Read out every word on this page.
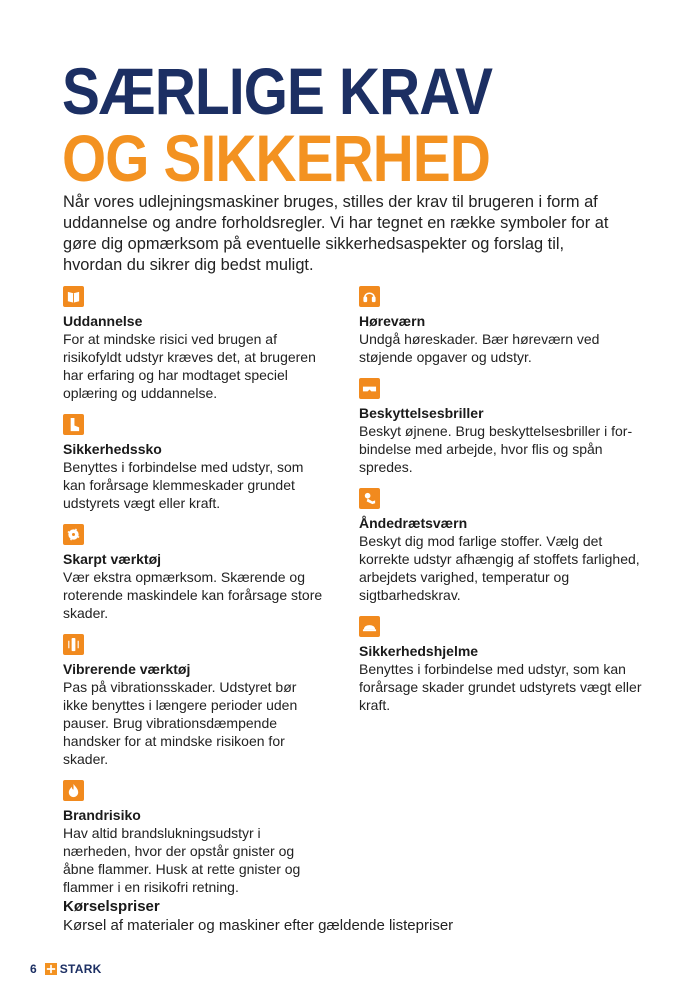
SÆRLIGE KRAV
OG SIKKERHED

Når vores udlejningsmaskiner bruges, stilles der krav til brugeren i form af uddannelse og andre forholdsregler. Vi har tegnet en række symboler for at gøre dig opmærksom på eventuelle sikkerhedsaspekter og forslag til, hvordan du sikrer dig bedst muligt.

Uddannelse
For at mindske risici ved brugen af risikofyldt udstyr kræves det, at brugeren har erfaring og har modtaget speciel oplæring og uddannelse.
Sikkerhedssko
Benyttes i forbindelse med udstyr, som kan forårsage klemmeskader grundet udstyrets vægt eller kraft.
Skarpt værktøj
Vær ekstra opmærksom. Skærende og roterende maskindele kan forårsage store skader.
Vibrerende værktøj
Pas på vibrationsskader. Udstyret bør ikke benyttes i længere perioder uden pauser. Brug vibrationsdæmpende handsker for at mindske risikoen for skader.
Brandrisiko
Hav altid brandslukningsudstyr i nærheden, hvor der opstår gnister og åbne flammer. Husk at rette gnister og flammer i en risikofri retning.
Høreværn
Undgå høreskader. Bær høreværn ved støjende opgaver og udstyr.
Beskyttelsesbriller
Beskyt øjnene. Brug beskyttelsesbriller i for-bindelse med arbejde, hvor flis og spån spredes.
Åndedrætsværn
Beskyt dig mod farlige stoffer. Vælg det korrekte udstyr afhængig af stoffets farlighed, arbejdets varighed, temperatur og sigtbarhedskrav.
Sikkerhedshjelme
Benyttes i forbindelse med udstyr, som kan forårsage skader grundet udstyrets vægt eller kraft.
Kørselspriser
Kørsel af materialer og maskiner efter gældende listepriser
6 STARK
